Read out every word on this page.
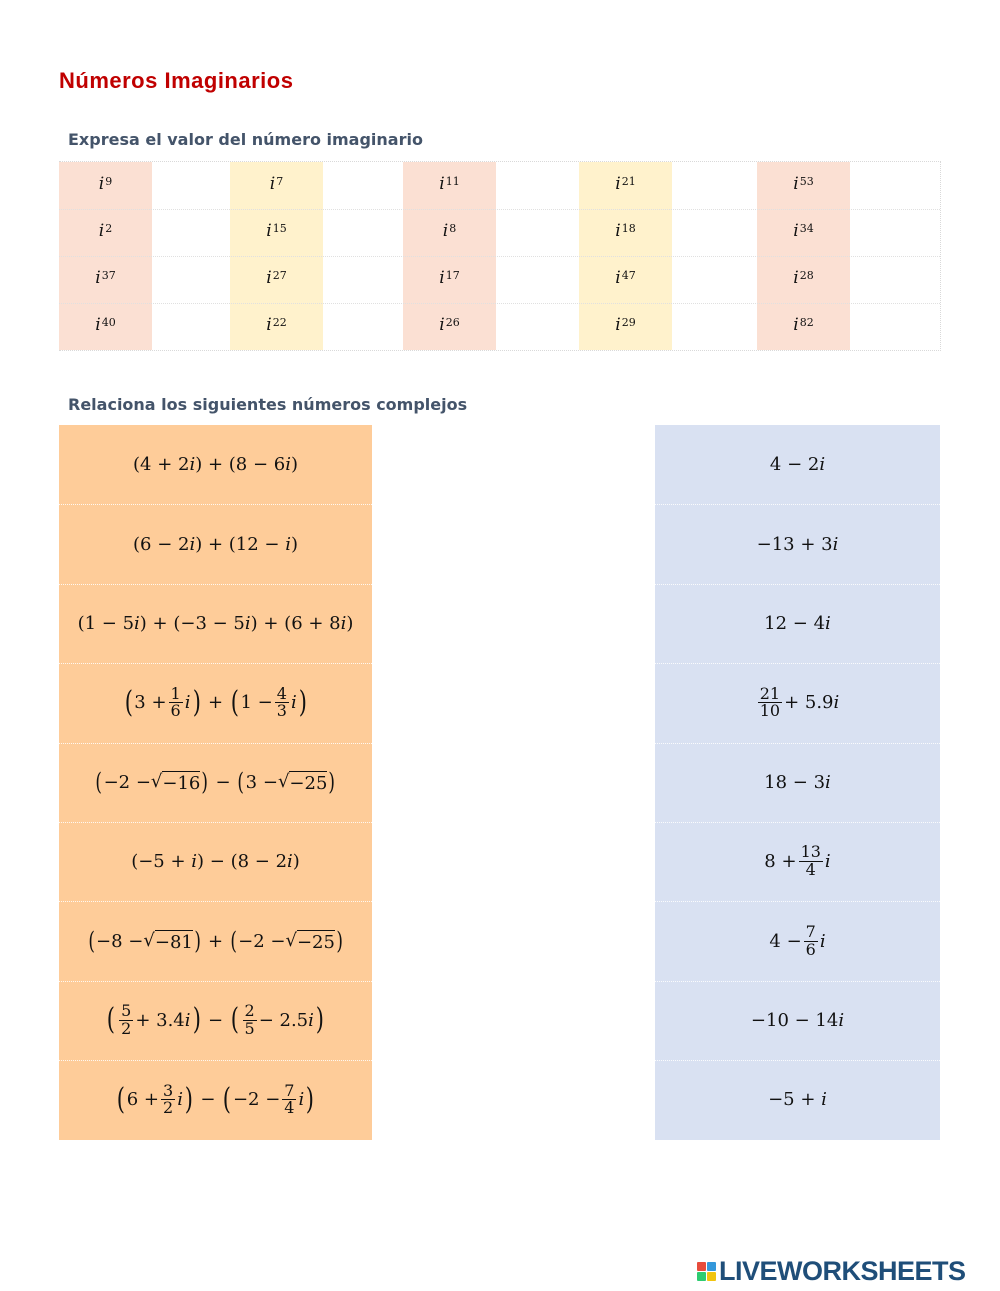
Números Imaginarios
Expresa el valor del número imaginario
$i^9$
$i^2$
$i^{37}$
$i^{40}$
$i^7$
$i^{15}$
$i^{27}$
$i^{22}$
$i^{11}$
$i^8$
$i^{17}$
$i^{26}$
$i^{21}$
$i^{18}$
$i^{47}$
$i^{29}$
$i^{53}$
$i^{34}$
$i^{28}$
$i^{82}$
Relaciona los siguientes números complejos
(4 + 2𝑖) + (8 − 6𝑖)
(6 − 2𝑖) + (12 − 𝑖)
(1 − 5𝑖) + (−3 − 5𝑖) + (6 + 8𝑖)
( $3 + \frac{1}{6}$ 𝑖 )
+
( $1 - \frac{4}{3}$ 𝑖 )
( −2 − √ −16 ) − ( 3 − √ −25 )
(−5 + 𝑖) − (8 − 2𝑖)
( −8 − √ −81 ) + ( −2 − √ −25 )
( $\frac{5}{2}$ + 3.4𝑖 )
−
( $\frac{2}{5}$ − 2.5𝑖 )
( $6 + \frac{3}{2}$ 𝑖 )
−
( $-2 - \frac{7}{4}$ 𝑖 )
4 − 2𝑖
−13 + 3𝑖
12 − 4𝑖
$\frac{21}{10}$ + 5.9𝑖
18 − 3𝑖
$8 + \frac{13}{4}$ 𝑖
$4 - \frac{7}{6}$ 𝑖
−10 − 14𝑖
−5 + 𝑖
LIVEWORKSHEETS
